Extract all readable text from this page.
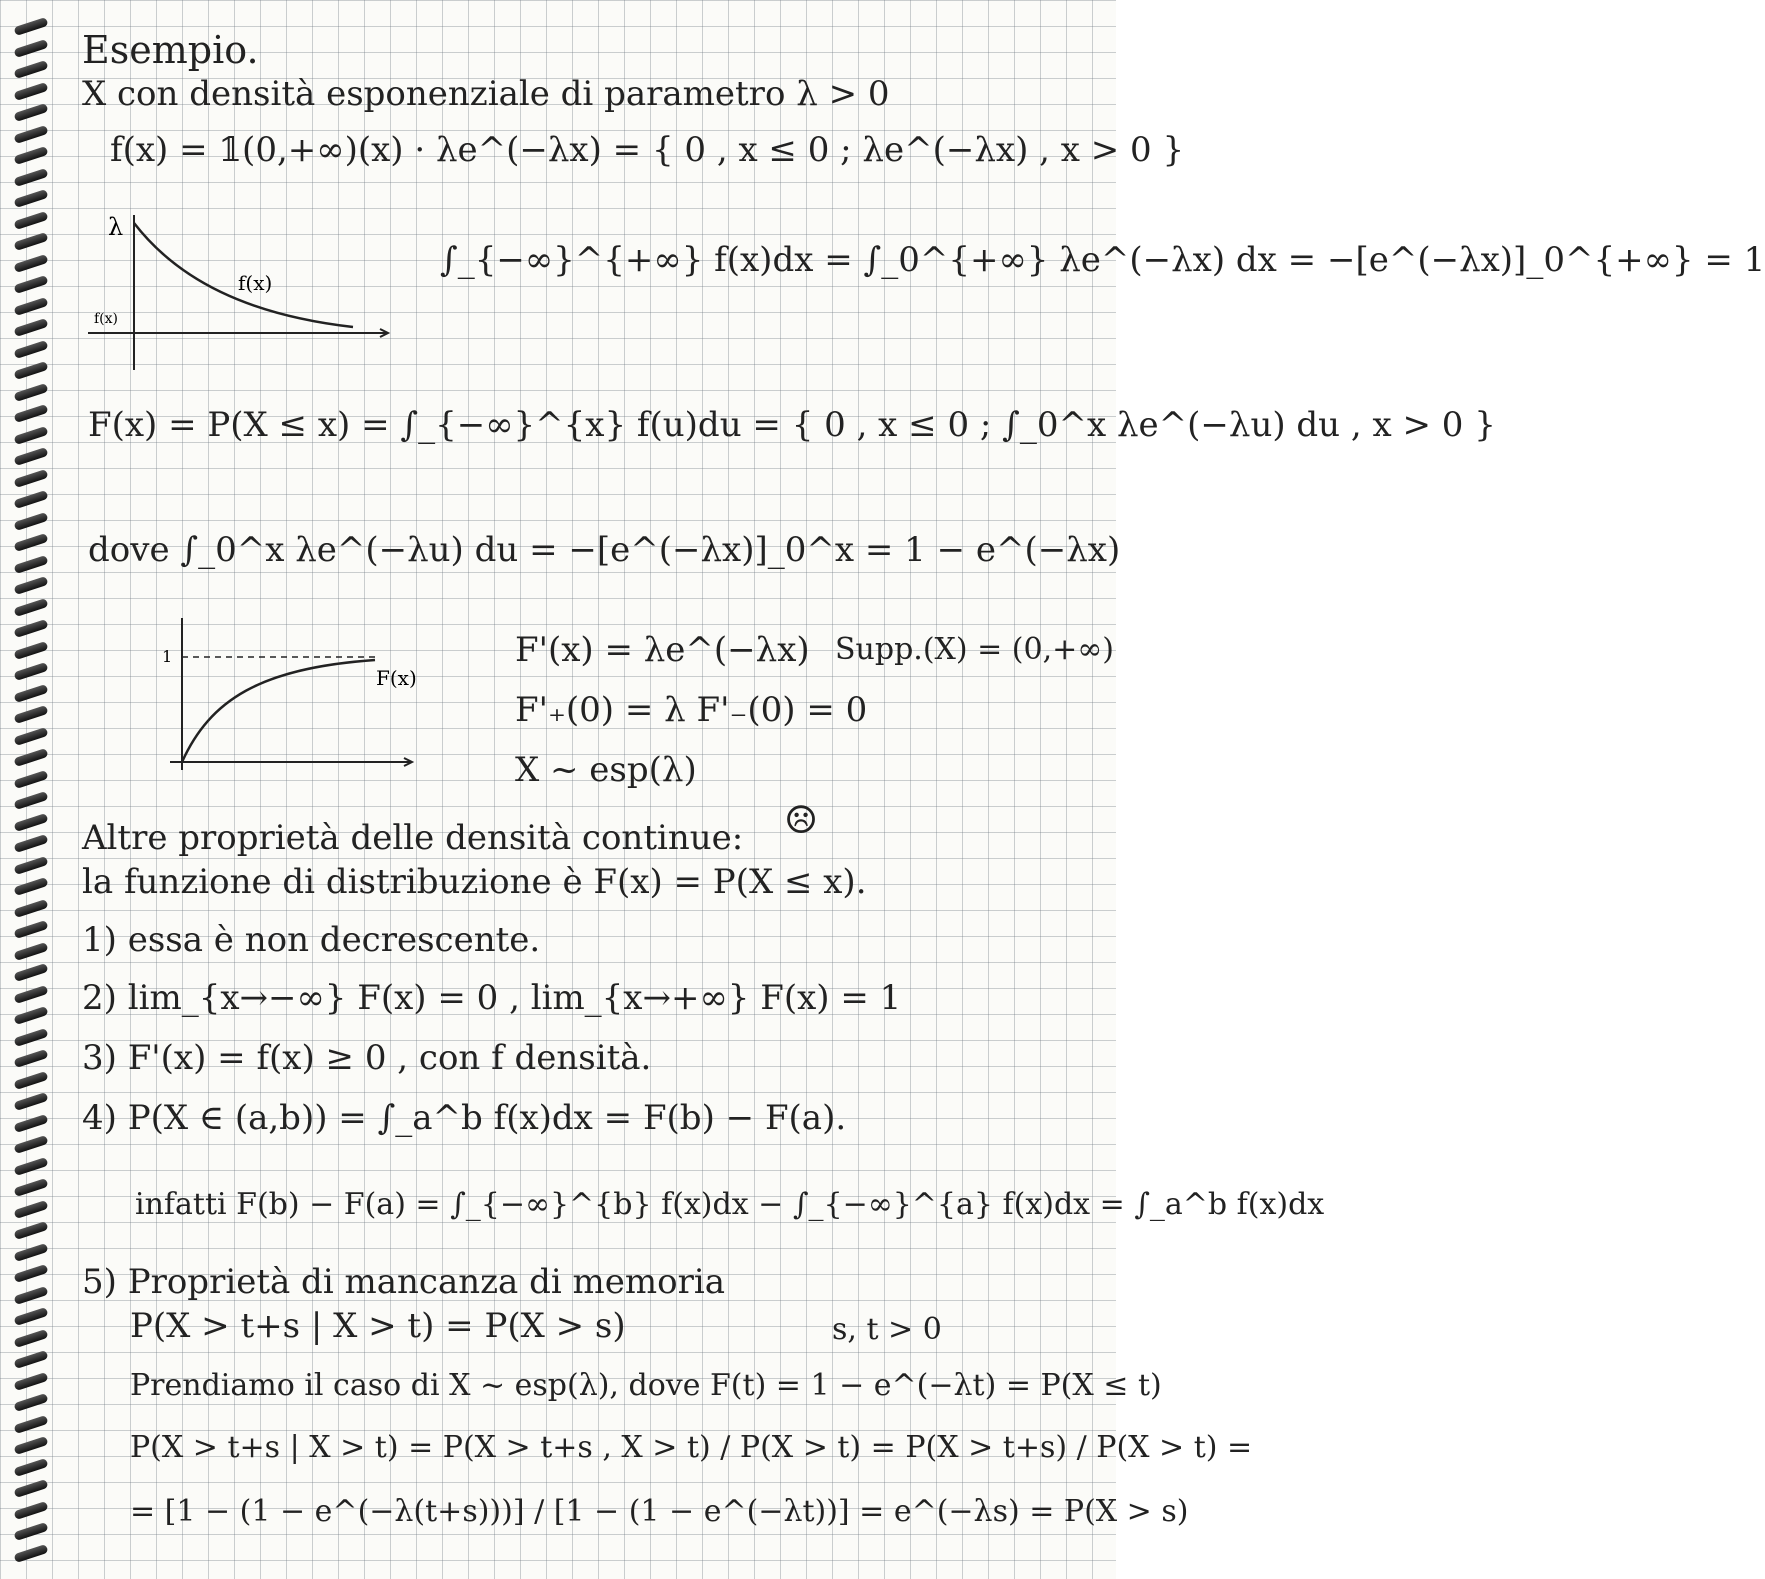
Esempio.
X con densità esponenziale di parametro λ > 0
f(x) = 𝟙(0,+∞)(x) · λe^(−λx) = { 0 , x ≤ 0 ; λe^(−λx) , x > 0 }
λ
f(x)
f(x)
∫_{−∞}^{+∞} f(x)dx = ∫_0^{+∞} λe^(−λx) dx = −[e^(−λx)]_0^{+∞} = 1
F(x) = P(X ≤ x) = ∫_{−∞}^{x} f(u)du = { 0 , x ≤ 0 ; ∫_0^x λe^(−λu) du , x > 0 }
dove ∫_0^x λe^(−λu) du = −[e^(−λx)]_0^x = 1 − e^(−λx)
1
F(x)
F'(x) = λe^(−λx) Supp.(X) = (0,+∞)
F'₊(0) = λ F'₋(0) = 0
X ~ esp(λ)
Altre proprietà delle densità continue: ☹
la funzione di distribuzione è F(x) = P(X ≤ x).
1) essa è non decrescente.
2) lim_{x→−∞} F(x) = 0 , lim_{x→+∞} F(x) = 1
3) F'(x) = f(x) ≥ 0 , con f densità.
4) P(X ∈ (a,b)) = ∫_a^b f(x)dx = F(b) − F(a).
infatti F(b) − F(a) = ∫_{−∞}^{b} f(x)dx − ∫_{−∞}^{a} f(x)dx = ∫_a^b f(x)dx
5) Proprietà di mancanza di memoria
P(X > t+s | X > t) = P(X > s)	s, t > 0
Prendiamo il caso di X ~ esp(λ), dove F(t) = 1 − e^(−λt) = P(X ≤ t)
P(X > t+s | X > t) = P(X > t+s , X > t) / P(X > t) = P(X > t+s) / P(X > t) =
= [1 − (1 − e^(−λ(t+s)))] / [1 − (1 − e^(−λt))] = e^(−λs) = P(X > s)
